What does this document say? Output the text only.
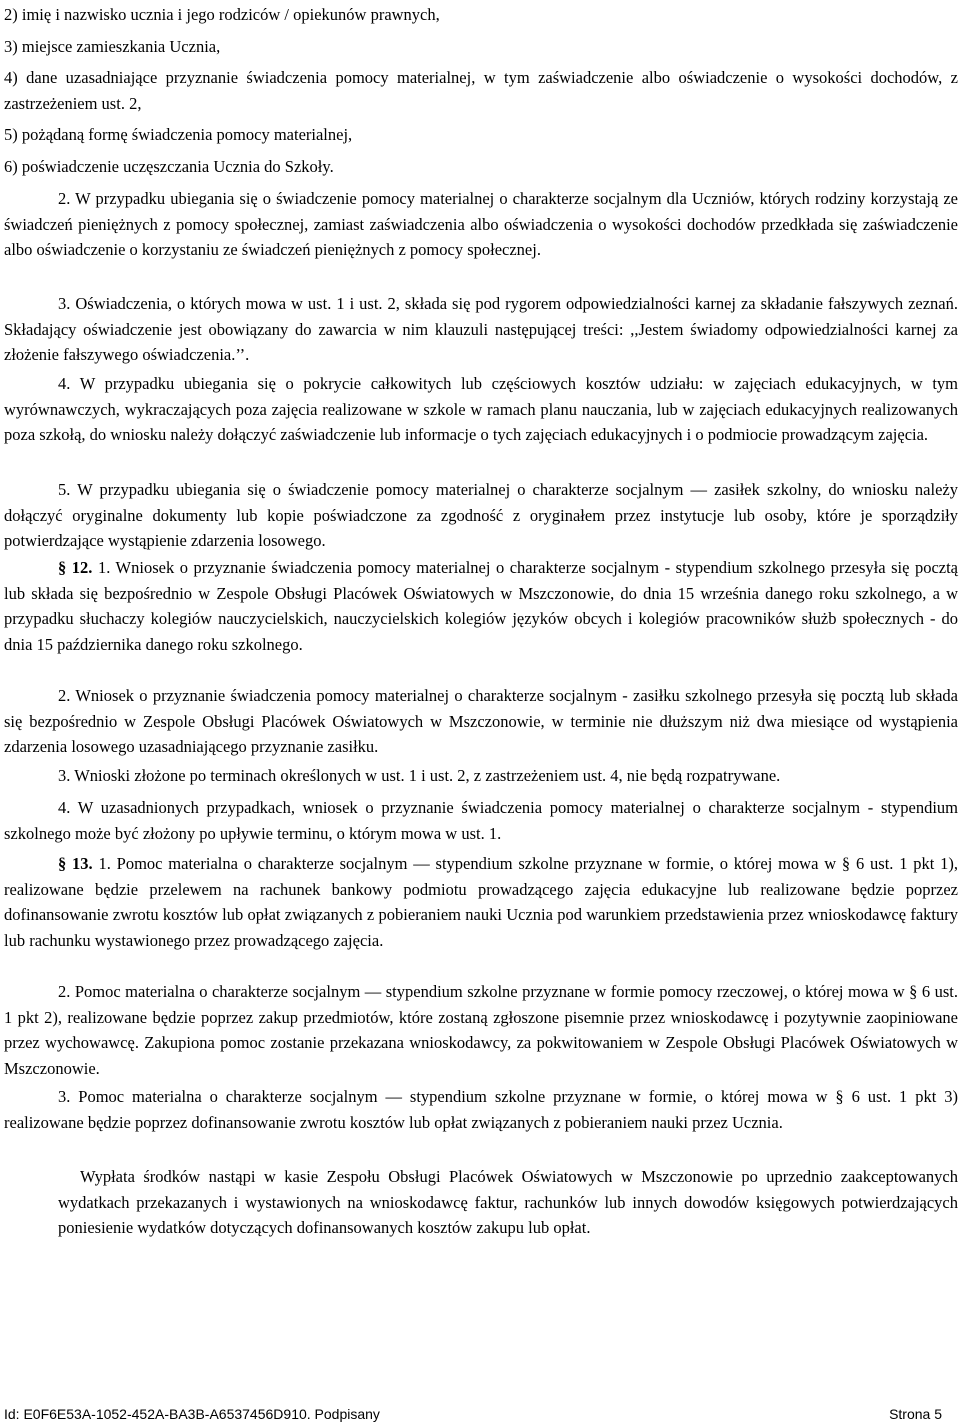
2) imię i nazwisko ucznia i jego rodziców / opiekunów prawnych,

3) miejsce zamieszkania Ucznia,

4) dane uzasadniające przyznanie świadczenia pomocy materialnej, w tym zaświadczenie albo oświadczenie o wysokości dochodów, z zastrzeżeniem ust. 2,

5) pożądaną formę świadczenia pomocy materialnej,

6) poświadczenie uczęszczania Ucznia do Szkoły.

2. W przypadku ubiegania się o świadczenie pomocy materialnej o charakterze socjalnym dla Uczniów, których rodziny korzystają ze świadczeń pieniężnych z pomocy społecznej, zamiast zaświadczenia albo oświadczenia o wysokości dochodów przedkłada się zaświadczenie albo oświadczenie o korzystaniu ze świadczeń pieniężnych z pomocy społecznej.

3. Oświadczenia, o których mowa w ust. 1 i ust. 2, składa się pod rygorem odpowiedzialności karnej za składanie fałszywych zeznań. Składający oświadczenie jest obowiązany do zawarcia w nim klauzuli następującej treści: ,,Jestem świadomy odpowiedzialności karnej za złożenie fałszywego oświadczenia.’’.

4. W przypadku ubiegania się o pokrycie całkowitych lub częściowych kosztów udziału: w zajęciach edukacyjnych, w tym wyrównawczych, wykraczających poza zajęcia realizowane w szkole w ramach planu nauczania, lub w zajęciach edukacyjnych realizowanych poza szkołą, do wniosku należy dołączyć zaświadczenie lub informacje o tych zajęciach edukacyjnych i o podmiocie prowadzącym zajęcia.

5. W przypadku ubiegania się o świadczenie pomocy materialnej o charakterze socjalnym — zasiłek szkolny, do wniosku należy dołączyć oryginalne dokumenty lub kopie poświadczone za zgodność z oryginałem przez instytucje lub osoby, które je sporządziły potwierdzające wystąpienie zdarzenia losowego.

§ 12. 1. Wniosek o przyznanie świadczenia pomocy materialnej o charakterze socjalnym - stypendium szkolnego przesyła się pocztą lub składa się bezpośrednio w Zespole Obsługi Placówek Oświatowych w Mszczonowie, do dnia 15 września danego roku szkolnego, a w przypadku słuchaczy kolegiów nauczycielskich, nauczycielskich kolegiów języków obcych i kolegiów pracowników służb społecznych - do dnia 15 października danego roku szkolnego.

2. Wniosek o przyznanie świadczenia pomocy materialnej o charakterze socjalnym - zasiłku szkolnego przesyła się pocztą lub składa się bezpośrednio w Zespole Obsługi Placówek Oświatowych w Mszczonowie, w terminie nie dłuższym niż dwa miesiące od wystąpienia zdarzenia losowego uzasadniającego przyznanie zasiłku.

3. Wnioski złożone po terminach określonych w ust. 1 i ust. 2, z zastrzeżeniem ust. 4, nie będą rozpatrywane.

4. W uzasadnionych przypadkach, wniosek o przyznanie świadczenia pomocy materialnej o charakterze socjalnym - stypendium szkolnego może być złożony po upływie terminu, o którym mowa w ust. 1.

§ 13. 1. Pomoc materialna o charakterze socjalnym — stypendium szkolne przyznane w formie, o której mowa w § 6 ust. 1 pkt 1), realizowane będzie przelewem na rachunek bankowy podmiotu prowadzącego zajęcia edukacyjne lub realizowane będzie poprzez dofinansowanie zwrotu kosztów lub opłat związanych z pobieraniem nauki Ucznia pod warunkiem przedstawienia przez wnioskodawcę faktury lub rachunku wystawionego przez prowadzącego zajęcia.

2. Pomoc materialna o charakterze socjalnym — stypendium szkolne przyznane w formie pomocy rzeczowej, o której mowa w § 6 ust. 1 pkt 2), realizowane będzie poprzez zakup przedmiotów, które zostaną zgłoszone pisemnie przez wnioskodawcę i pozytywnie zaopiniowane przez wychowawcę. Zakupiona pomoc zostanie przekazana wnioskodawcy, za pokwitowaniem w Zespole Obsługi Placówek Oświatowych w Mszczonowie.

3. Pomoc materialna o charakterze socjalnym — stypendium szkolne przyznane w formie, o której mowa w § 6 ust. 1 pkt 3) realizowane będzie poprzez dofinansowanie zwrotu kosztów lub opłat związanych z pobieraniem nauki przez Ucznia.

Wypłata środków nastąpi w kasie Zespołu Obsługi Placówek Oświatowych w Mszczonowie po uprzednio zaakceptowanych wydatkach przekazanych i wystawionych na wnioskodawcę faktur, rachunków lub innych dowodów księgowych potwierdzających poniesienie wydatków dotyczących dofinansowanych kosztów zakupu lub opłat.

Id: E0F6E53A-1052-452A-BA3B-A6537456D910. Podpisany	Strona 5
